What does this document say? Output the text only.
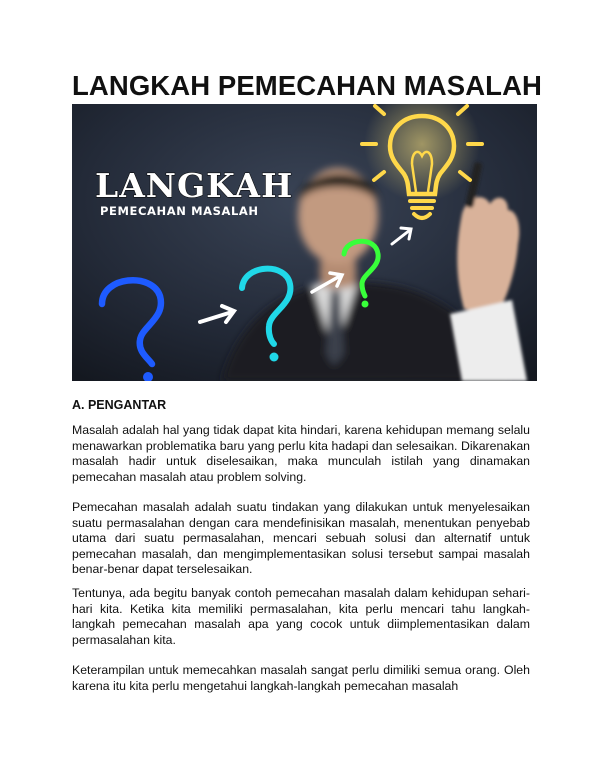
LANGKAH PEMECAHAN MASALAH
LANGKAH
PEMECAHAN MASALAH
A. PENGANTAR

Masalah adalah hal yang tidak dapat kita hindari, karena kehidupan memang selalu menawarkan problematika baru yang perlu kita hadapi dan selesaikan. Dikarenakan masalah hadir untuk diselesaikan, maka munculah istilah yang dinamakan pemecahan masalah atau problem solving.

Pemecahan masalah adalah suatu tindakan yang dilakukan untuk menyelesaikan suatu permasalahan dengan cara mendefinisikan masalah, menentukan penyebab utama dari suatu permasalahan, mencari sebuah solusi dan alternatif untuk pemecahan masalah, dan mengimplementasikan solusi tersebut sampai masalah benar-benar dapat terselesaikan.

Tentunya, ada begitu banyak contoh pemecahan masalah dalam kehidupan sehari-hari kita. Ketika kita memiliki permasalahan, kita perlu mencari tahu langkah-langkah pemecahan masalah apa yang cocok untuk diimplementasikan dalam permasalahan kita.

Keterampilan untuk memecahkan masalah sangat perlu dimiliki semua orang. Oleh karena itu kita perlu mengetahui langkah-langkah pemecahan masalah
